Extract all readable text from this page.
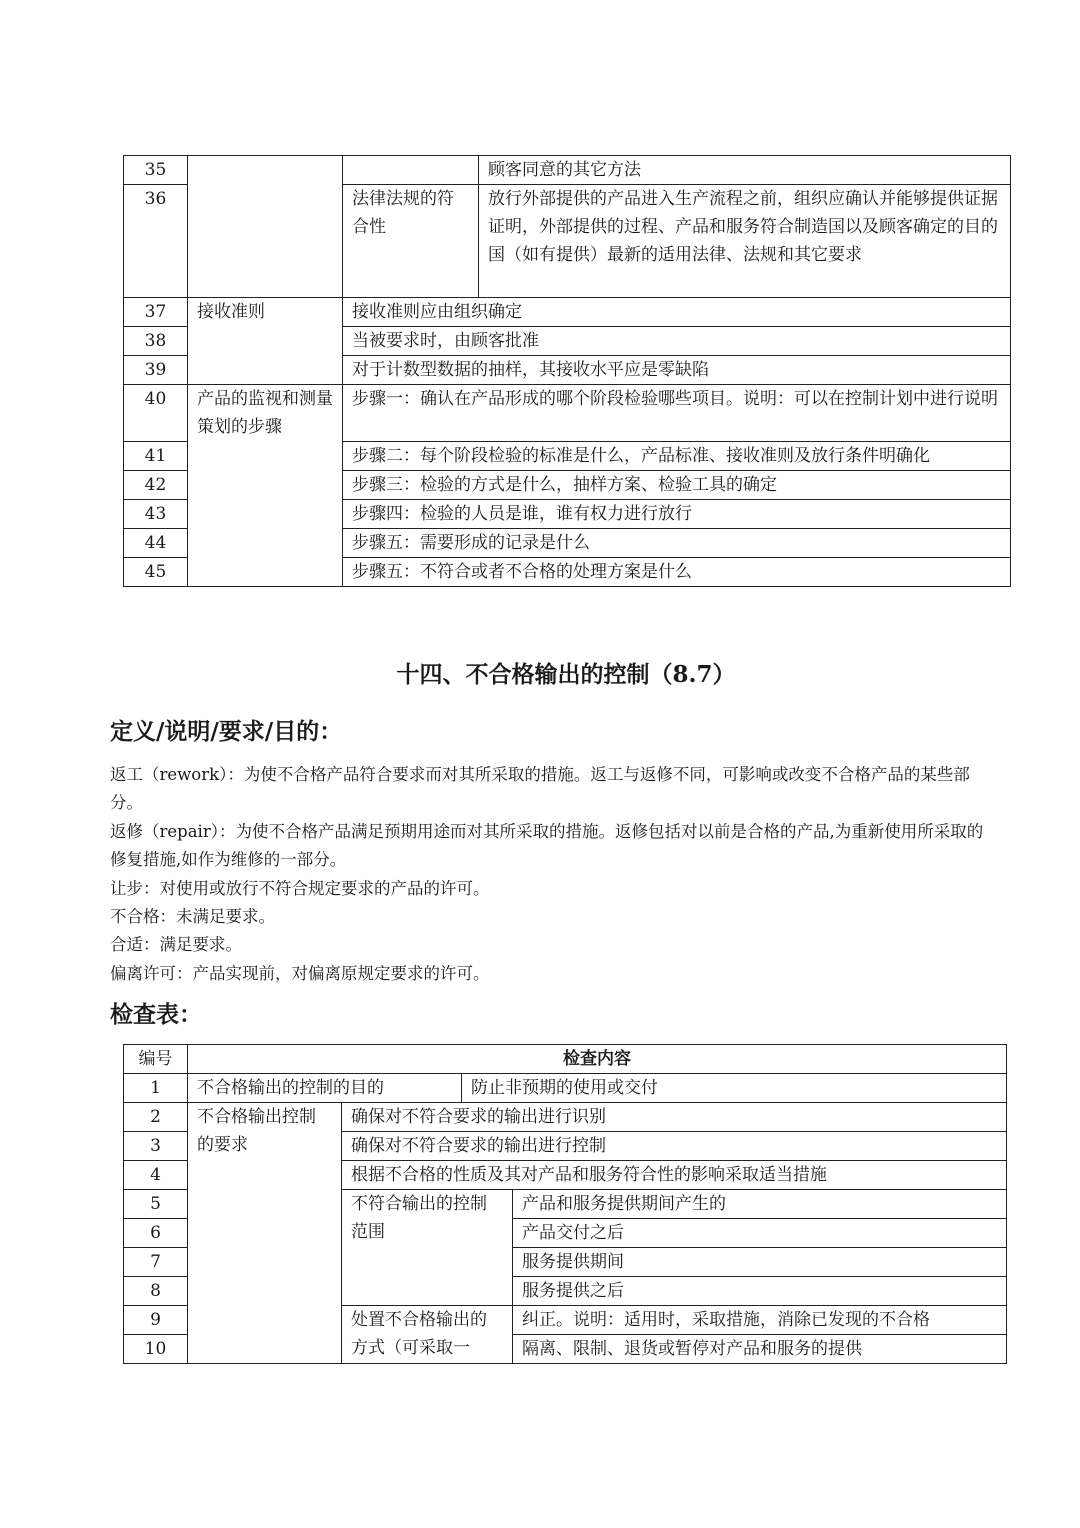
35			顾客同意的其它方法
36		法律法规的符合性	放行外部提供的产品进入生产流程之前，组织应确认并能够提供证据证明，外部提供的过程、产品和服务符合制造国以及顾客确定的目的国（如有提供）最新的适用法律、法规和其它要求
37	接收准则	接收准则应由组织确定	
38		当被要求时，由顾客批准	
39		对于计数型数据的抽样，其接收水平应是零缺陷	
40	产品的监视和测量策划的步骤	步骤一：确认在产品形成的哪个阶段检验哪些项目。说明：可以在控制计划中进行说明	
41		步骤二：每个阶段检验的标准是什么，产品标准、接收准则及放行条件明确化	
42		步骤三：检验的方式是什么，抽样方案、检验工具的确定	
43		步骤四：检验的人员是谁，谁有权力进行放行	
44		步骤五：需要形成的记录是什么	
45		步骤五：不符合或者不合格的处理方案是什么	
十四、不合格输出的控制（8.7）
定义/说明/要求/目的：

返工（rework）：为使不合格产品符合要求而对其所采取的措施。返工与返修不同，可影响或改变不合格产品的某些部分。

返修（repair）：为使不合格产品满足预期用途而对其所采取的措施。返修包括对以前是合格的产品,为重新使用所采取的修复措施,如作为维修的一部分。

让步：对使用或放行不符合规定要求的产品的许可。

不合格：未满足要求。

合适：满足要求。

偏离许可：产品实现前，对偏离原规定要求的许可。

检查表：
编号	检查内容			
1	不合格输出的控制的目的		防止非预期的使用或交付	
2	不合格输出控制的要求	确保对不符合要求的输出进行识别		
3		确保对不符合要求的输出进行控制		
4		根据不合格的性质及其对产品和服务符合性的影响采取适当措施		
5		不符合输出的控制范围		产品和服务提供期间产生的
6				产品交付之后
7				服务提供期间
8				服务提供之后
9		处置不合格输出的方式（可采取一		纠正。说明：适用时，采取措施，消除已发现的不合格
10				隔离、限制、退货或暂停对产品和服务的提供
